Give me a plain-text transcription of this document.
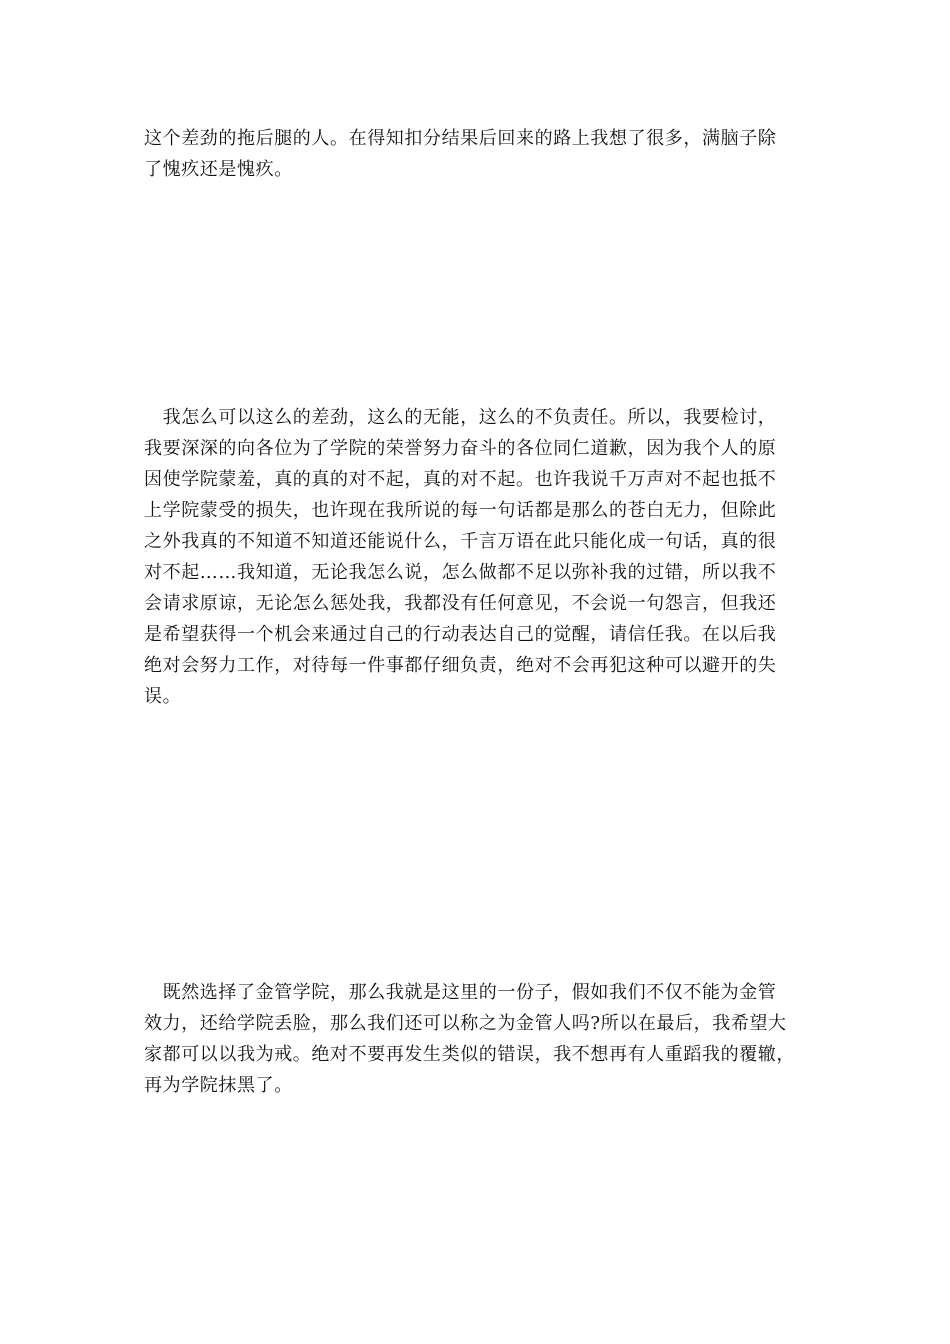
这个差劲的拖后腿的人。在得知扣分结果后回来的路上我想了很多，满脑子除
了愧疚还是愧疚。
　我怎么可以这么的差劲，这么的无能，这么的不负责任。所以，我要检讨，
我要深深的向各位为了学院的荣誉努力奋斗的各位同仁道歉，因为我个人的原
因使学院蒙羞，真的真的对不起，真的对不起。也许我说千万声对不起也抵不
上学院蒙受的损失，也许现在我所说的每一句话都是那么的苍白无力，但除此
之外我真的不知道不知道还能说什么，千言万语在此只能化成一句话，真的很
对不起……我知道，无论我怎么说，怎么做都不足以弥补我的过错，所以我不
会请求原谅，无论怎么惩处我，我都没有任何意见，不会说一句怨言，但我还
是希望获得一个机会来通过自己的行动表达自己的觉醒，请信任我。在以后我
绝对会努力工作，对待每一件事都仔细负责，绝对不会再犯这种可以避开的失
误。
　既然选择了金管学院，那么我就是这里的一份子，假如我们不仅不能为金管
效力，还给学院丢脸，那么我们还可以称之为金管人吗?所以在最后，我希望大
家都可以以我为戒。绝对不要再发生类似的错误，我不想再有人重蹈我的覆辙，
再为学院抹黑了。
